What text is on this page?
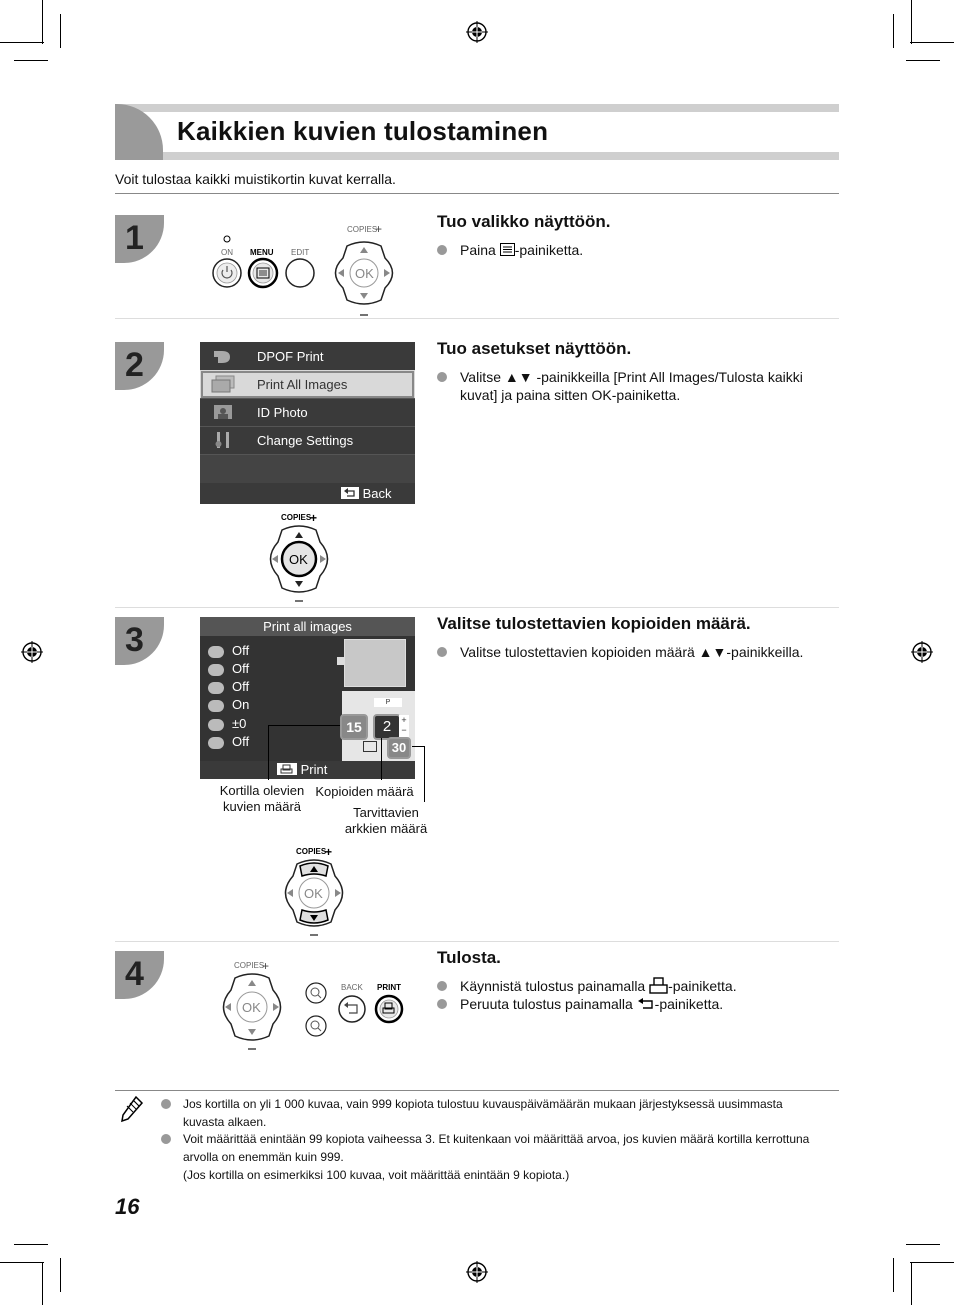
Kaikkien kuvien tulostaminen
Voit tulostaa kaikki muistikortin kuvat kerralla.
1	ON MENU EDIT
COPIES
+
OK
Tuo valikko näyttöön.
Paina -painiketta.
2	DPOF Print
Print All Images
ID Photo
Change Settings
Back
COPIES
+
OK
Tuo asetukset näyttöön.
Valitse ▲▼ -painikkeilla [Print All Images/Tulosta kaikki kuvat] ja paina sitten OK-painiketta.
3	Print all images
Off
Off
Off
On
±0
Off
P
15	2	+
−
30
Print
Kortilla olevien kuvien määrä
Kopioiden määrä
Tarvittavien arkkien määrä
COPIES
+
OK
Valitse tulostettavien kopioiden määrä.
Valitse tulostettavien kopioiden määrä ▲▼-painikkeilla.
4	COPIES
+
OK
BACK PRINT
Tulosta.
Käynnistä tulostus painamalla -painiketta.
Peruuta tulostus painamalla -painiketta.
Jos kortilla on yli 1 000 kuvaa, vain 999 kopiota tulostuu kuvauspäivämäärän mukaan järjestyksessä uusimmasta kuvasta alkaen.
Voit määrittää enintään 99 kopiota vaiheessa 3. Et kuitenkaan voi määrittää arvoa, jos kuvien määrä kortilla kerrottuna arvolla on enemmän kuin 999.
(Jos kortilla on esimerkiksi 100 kuvaa, voit määrittää enintään 9 kopiota.)
16
